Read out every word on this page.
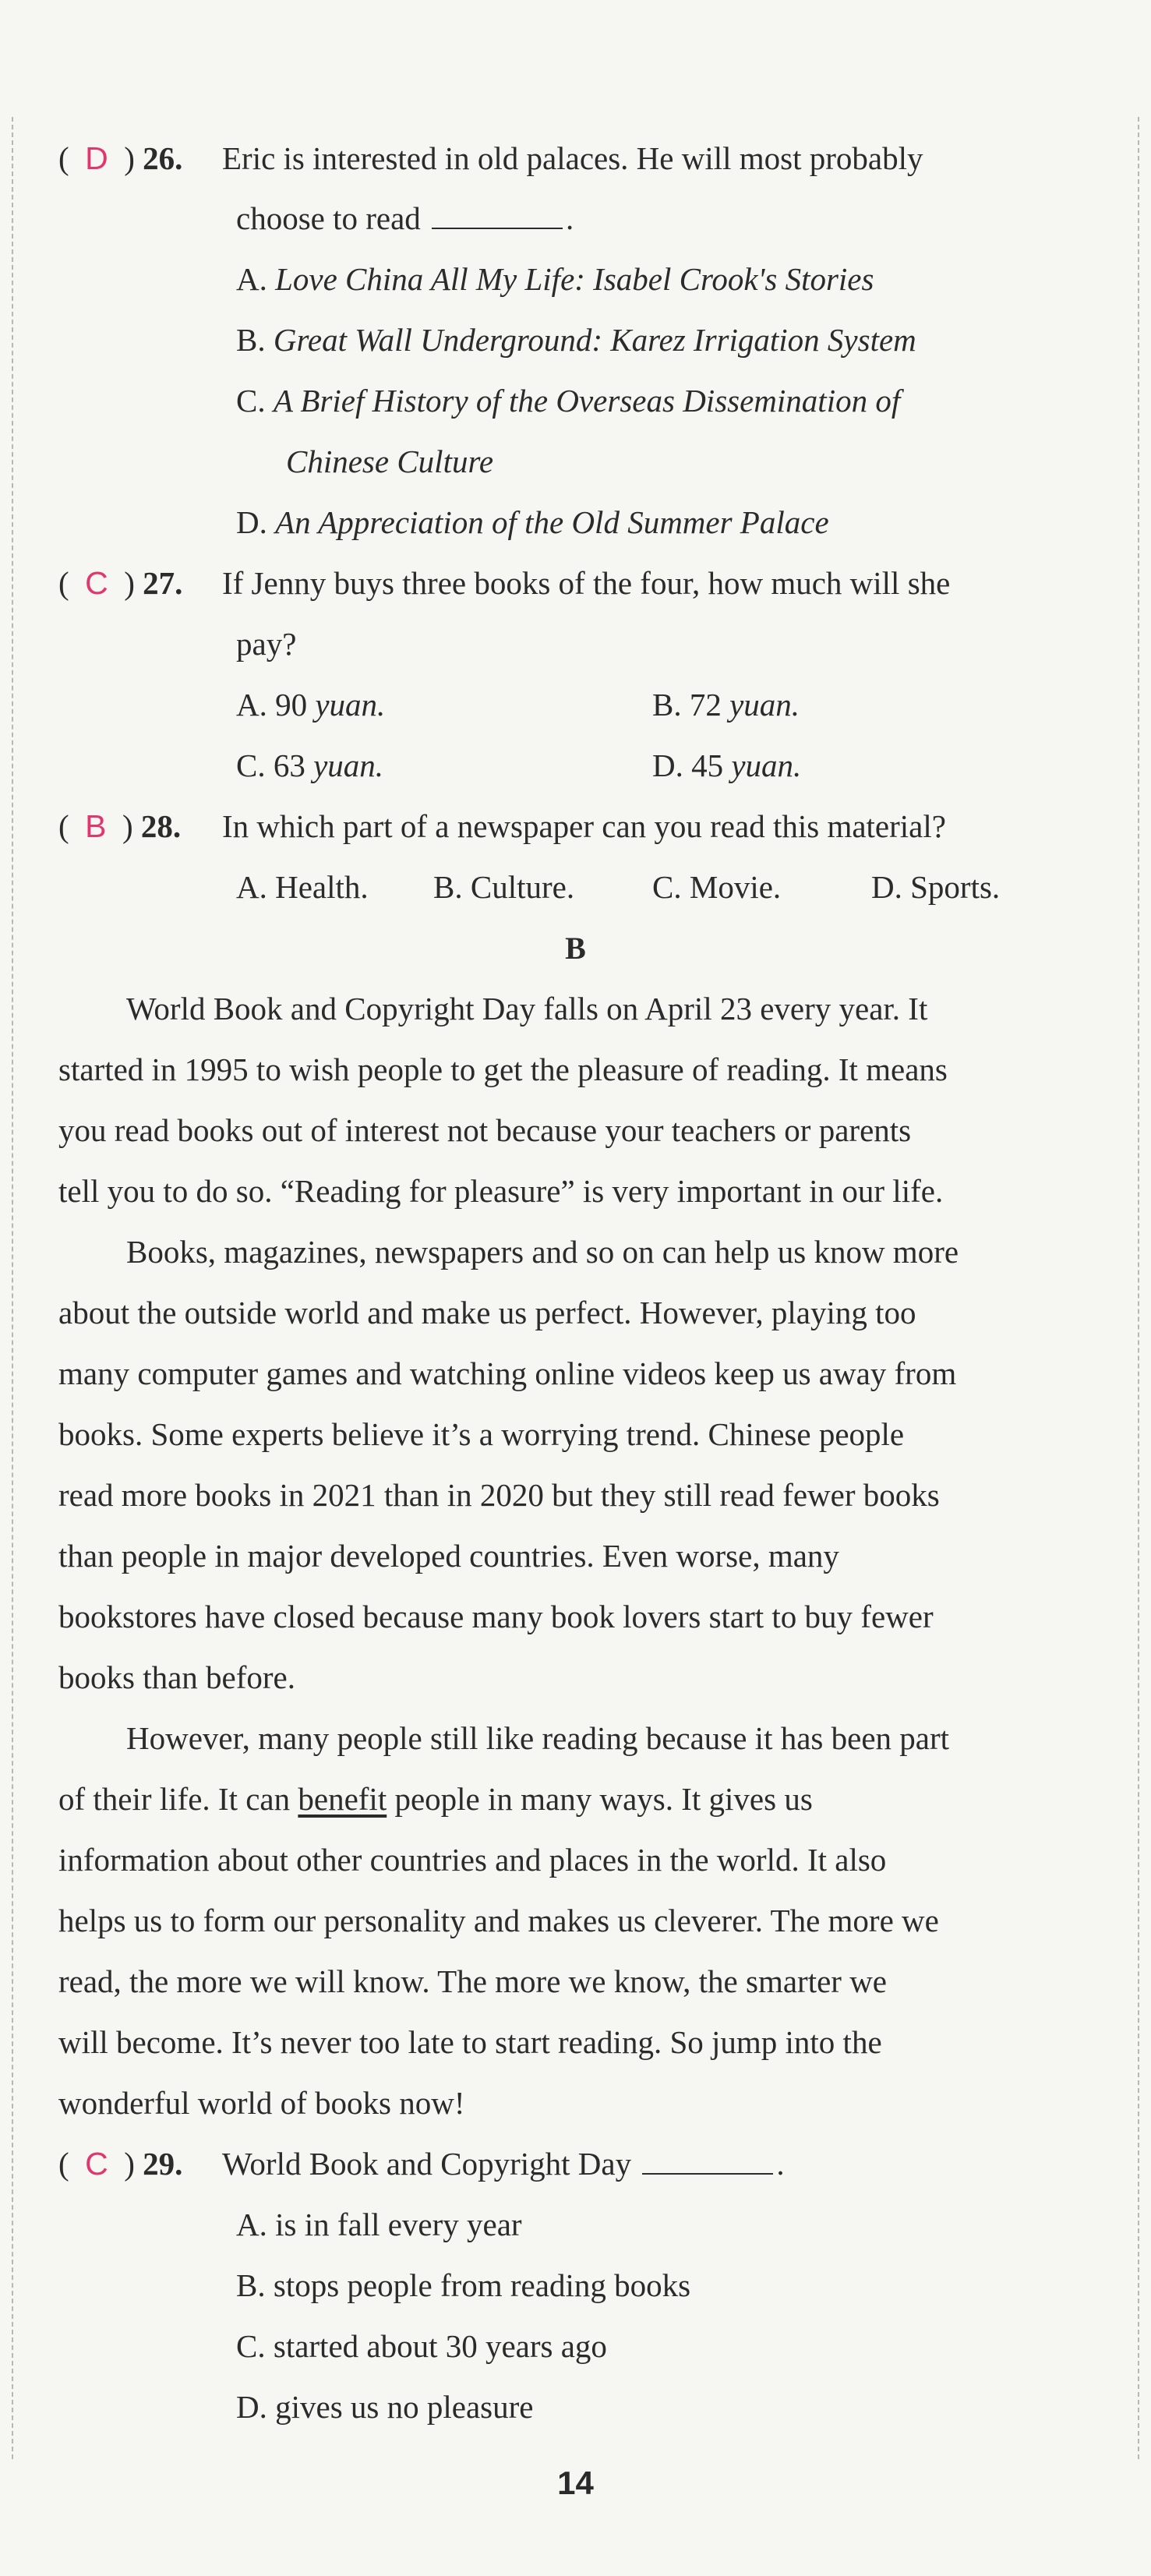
(  D  ) 26. Eric is interested in old palaces. He will most probably
choose to read	.
A. Love China All My Life: Isabel Crook's Stories
B. Great Wall Underground: Karez Irrigation System
C. A Brief History of the Overseas Dissemination of
Chinese Culture
D. An Appreciation of the Old Summer Palace
(  C  ) 27. If Jenny buys three books of the four, how much will she
pay?
A. 90 yuan.	B. 72 yuan.
C. 63 yuan.	D. 45 yuan.
(  B  ) 28. In which part of a newspaper can you read this material?
A. Health. B. Culture. C. Movie.	D. Sports.
B
World Book and Copyright Day falls on April 23 every year. It
started in 1995 to wish people to get the pleasure of reading. It means
you read books out of interest not because your teachers or parents
tell you to do so. “Reading for pleasure” is very important in our life.
Books, magazines, newspapers and so on can help us know more
about the outside world and make us perfect. However, playing too
many computer games and watching online videos keep us away from
books. Some experts believe it’s a worrying trend. Chinese people
read more books in 2021 than in 2020 but they still read fewer books
than people in major developed countries. Even worse, many
bookstores have closed because many book lovers start to buy fewer
books than before.
However, many people still like reading because it has been part
of their life. It can benefit people in many ways. It gives us
information about other countries and places in the world. It also
helps us to form our personality and makes us cleverer. The more we
read, the more we will know. The more we know, the smarter we
will become. It’s never too late to start reading. So jump into the
wonderful world of books now!
(  C  ) 29. World Book and Copyright Day	.
A. is in fall every year
B. stops people from reading books
C. started about 30 years ago
D. gives us no pleasure
14
